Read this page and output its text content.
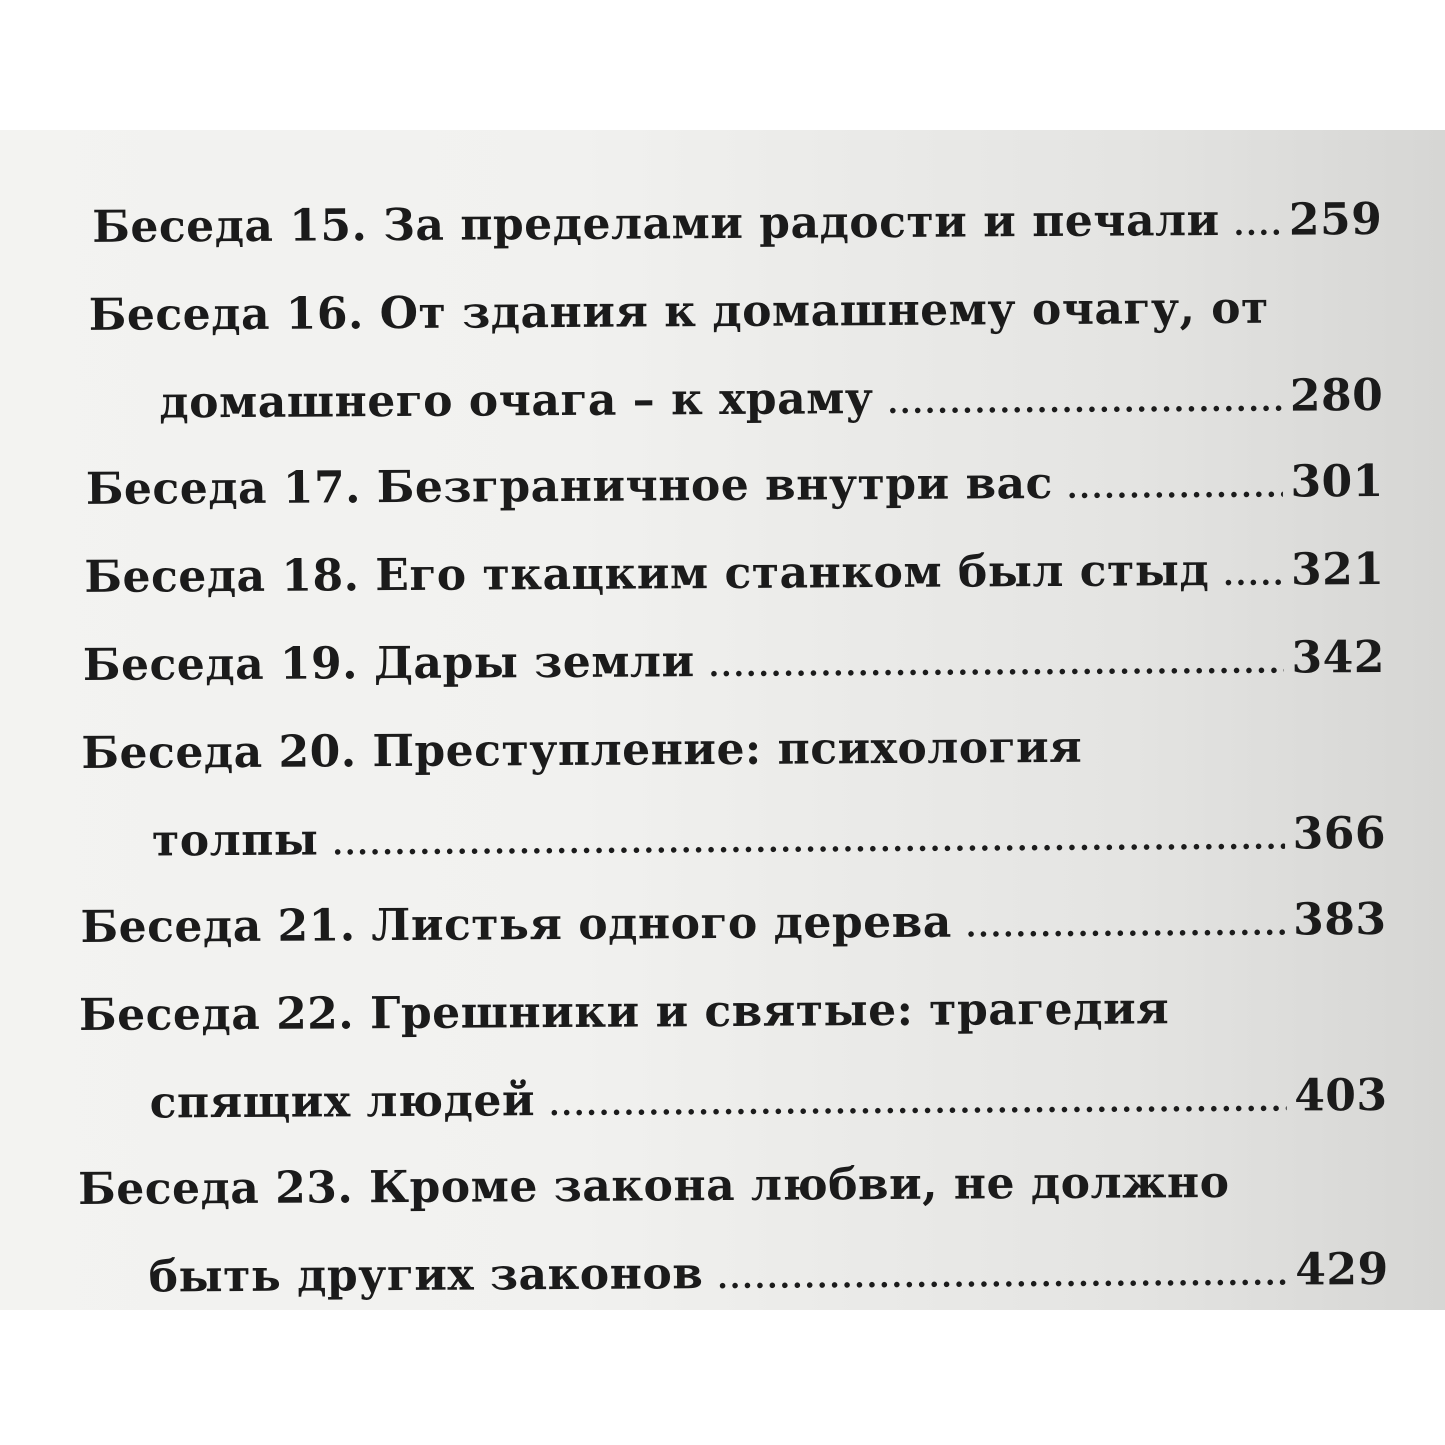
Беседа 15.
За пределами радости и печали ..... 259
Беседа 16.
От здания к домашнему очагу, от
домашнего очага – к храму .....	280
Беседа 17.
Безграничное внутри вас .....	301
Беседа 18.
Его ткацким станком был стыд ..... 321
Беседа 19.
Дары земли .....	342
Беседа 20.
Преступление: психология
толпы .....	366
Беседа 21.
Листья одного дерева .....	383
Беседа 22.
Грешники и святые: трагедия
спящих людей .....	403
Беседа 23.
Кроме закона любви, не должно
быть других законов .....	429
